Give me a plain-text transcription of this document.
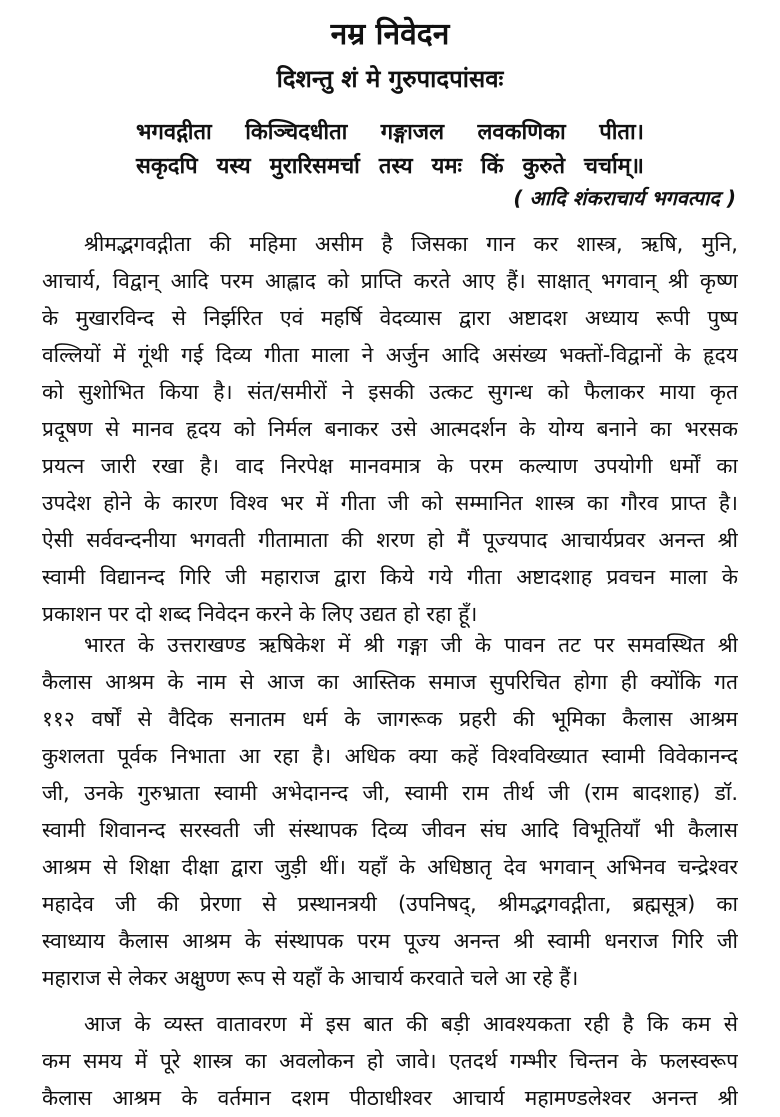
नम्र निवेदन
दिशन्तु शं मे गुरुपादपांसवः
भगवद्गीता किञ्चिदधीता गङ्गाजल लवकणिका पीता।
सकृदपि यस्य मुरारिसमर्चा तस्य यमः किं कुरुते चर्चाम्॥
( आदि शंकराचार्य भगवत्पाद )
श्रीमद्भगवद्गीता की महिमा असीम है जिसका गान कर शास्त्र, ऋषि, मुनि,
आचार्य, विद्वान् आदि परम आह्लाद को प्राप्ति करते आए हैं। साक्षात् भगवान् श्री कृष्ण
के मुखारविन्द से निर्झरित एवं महर्षि वेदव्यास द्वारा अष्टादश अध्याय रूपी पुष्प
वल्लियों में गूंथी गई दिव्य गीता माला ने अर्जुन आदि असंख्य भक्तों-विद्वानों के हृदय
को सुशोभित किया है। संत/समीरों ने इसकी उत्कट सुगन्ध को फैलाकर माया कृत
प्रदूषण से मानव हृदय को निर्मल बनाकर उसे आत्मदर्शन के योग्य बनाने का भरसक
प्रयत्न जारी रखा है। वाद निरपेक्ष मानवमात्र के परम कल्याण उपयोगी धर्मों का
उपदेश होने के कारण विश्व भर में गीता जी को सम्मानित शास्त्र का गौरव प्राप्त है।
ऐसी सर्ववन्दनीया भगवती गीतामाता की शरण हो मैं पूज्यपाद आचार्यप्रवर अनन्त श्री
स्वामी विद्यानन्द गिरि जी महाराज द्वारा किये गये गीता अष्टादशाह प्रवचन माला के
प्रकाशन पर दो शब्द निवेदन करने के लिए उद्यत हो रहा हूँ।
भारत के उत्तराखण्ड ऋषिकेश में श्री गङ्गा जी के पावन तट पर समवस्थित श्री
कैलास आश्रम के नाम से आज का आस्तिक समाज सुपरिचित होगा ही क्योंकि गत
११२ वर्षों से वैदिक सनातम धर्म के जागरूक प्रहरी की भूमिका कैलास आश्रम
कुशलता पूर्वक निभाता आ रहा है। अधिक क्या कहें विश्वविख्यात स्वामी विवेकानन्द
जी, उनके गुरुभ्राता स्वामी अभेदानन्द जी, स्वामी राम तीर्थ जी (राम बादशाह) डॉ.
स्वामी शिवानन्द सरस्वती जी संस्थापक दिव्य जीवन संघ आदि विभूतियाँ भी कैलास
आश्रम से शिक्षा दीक्षा द्वारा जुड़ी थीं। यहाँ के अधिष्ठातृ देव भगवान् अभिनव चन्द्रेश्वर
महादेव जी की प्रेरणा से प्रस्थानत्रयी (उपनिषद्, श्रीमद्भगवद्गीता, ब्रह्मसूत्र) का
स्वाध्याय कैलास आश्रम के संस्थापक परम पूज्य अनन्त श्री स्वामी धनराज गिरि जी
महाराज से लेकर अक्षुण्ण रूप से यहाँ के आचार्य करवाते चले आ रहे हैं।
आज के व्यस्त वातावरण में इस बात की बड़ी आवश्यकता रही है कि कम से
कम समय में पूरे शास्त्र का अवलोकन हो जावे। एतदर्थ गम्भीर चिन्तन के फलस्वरूप
कैलास आश्रम के वर्तमान दशम पीठाधीश्वर आचार्य महामण्डलेश्वर अनन्त श्री
